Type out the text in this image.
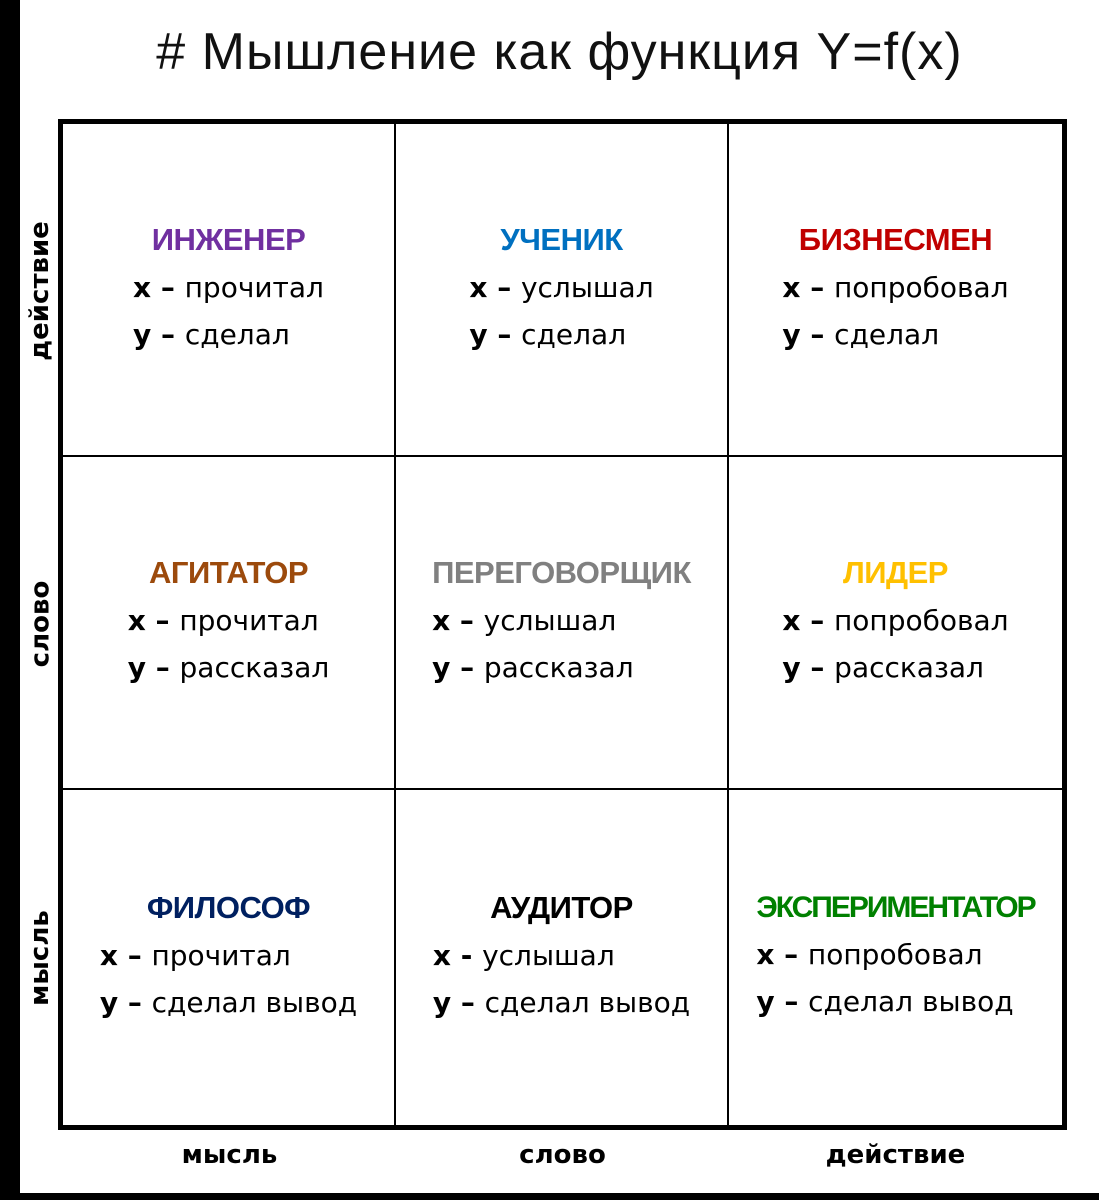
# Мышление как функция Y=f(x)
действие
слово
мысль
ИНЖЕНЕР
x – прочитал
y – сделал
УЧЕНИК
x – услышал
y – сделал
БИЗНЕСМЕН
x – попробовал
y – сделал
АГИТАТОР
x – прочитал
y – рассказал
ПЕРЕГОВОРЩИК
x – услышал
y – рассказал
ЛИДЕР
x – попробовал
y – рассказал
ФИЛОСОФ
x – прочитал
y – сделал вывод
АУДИТОР
x - услышал
y – сделал вывод
ЭКСПЕРИМЕНТАТОР
x – попробовал
y – сделал вывод
мысль	слово	действие
